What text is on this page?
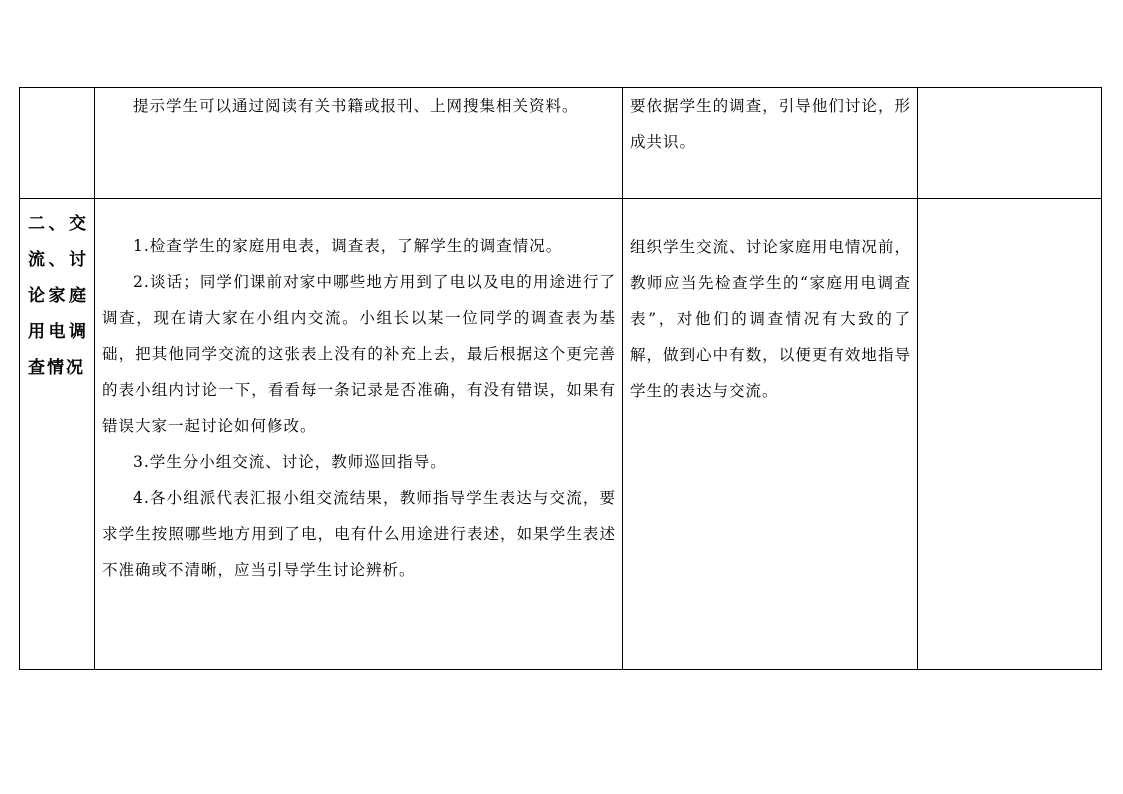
	提示学生可以通过阅读有关书籍或报刊、上网搜集相关资料。	要依据学生的调查，引导他们讨论，形成共识。	

二、交流、讨论家庭用电调查情况	1.检查学生的家庭用电表，调查表，了解学生的调查情况。

2.谈话；同学们课前对家中哪些地方用到了电以及电的用途进行了调查，现在请大家在小组内交流。小组长以某一位同学的调查表为基础，把其他同学交流的这张表上没有的补充上去，最后根据这个更完善的表小组内讨论一下，看看每一条记录是否准确，有没有错误，如果有错误大家一起讨论如何修改。

3.学生分小组交流、讨论，教师巡回指导。

4.各小组派代表汇报小组交流结果，教师指导学生表达与交流，要求学生按照哪些地方用到了电，电有什么用途进行表述，如果学生表述不准确或不清晰，应当引导学生讨论辨析。	组织学生交流、讨论家庭用电情况前，教师应当先检查学生的“家庭用电调查表”，对他们的调查情况有大致的了解，做到心中有数，以便更有效地指导学生的表达与交流。	
